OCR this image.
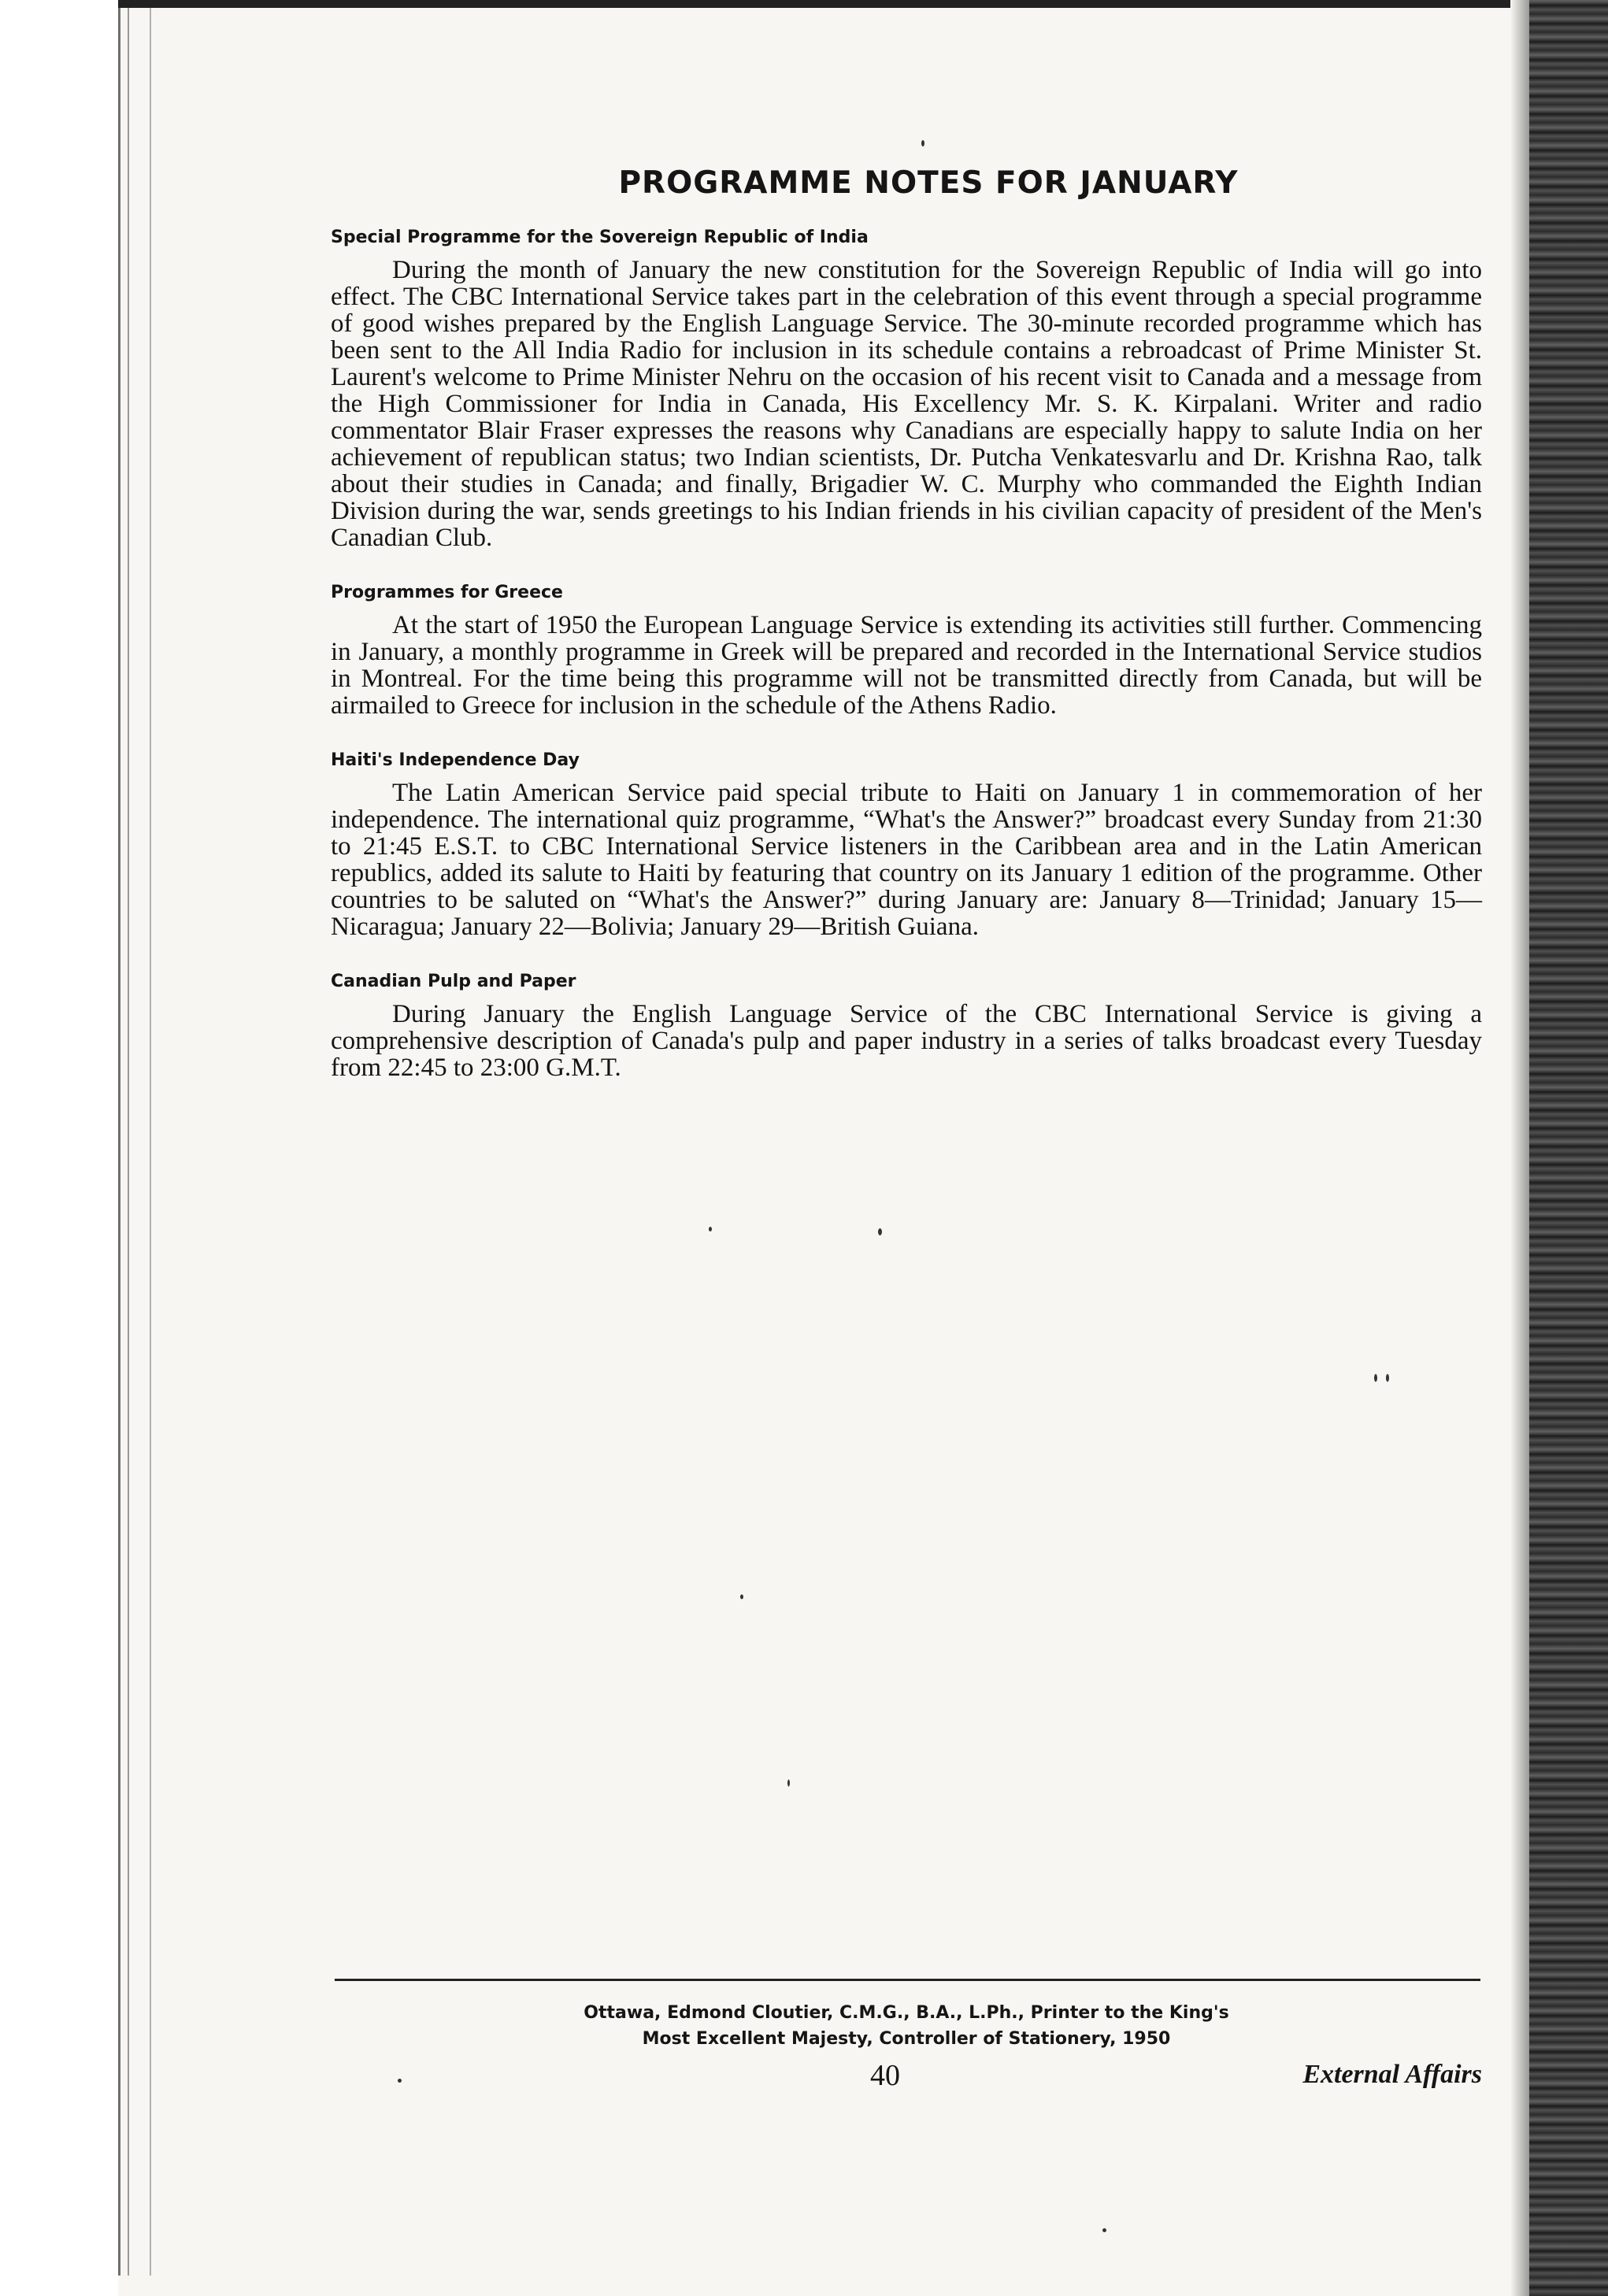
PROGRAMME NOTES FOR JANUARY
Special Programme for the Sovereign Republic of India

During the month of January the new constitution for the Sovereign Republic of India will go into effect. The CBC International Service takes part in the celebration of this event through a special programme of good wishes prepared by the English Language Service. The 30-minute recorded programme which has been sent to the All India Radio for inclusion in its schedule contains a rebroadcast of Prime Minister St. Laurent's welcome to Prime Minister Nehru on the occasion of his recent visit to Canada and a message from the High Commissioner for India in Canada, His Excellency Mr. S. K. Kirpalani. Writer and radio commentator Blair Fraser expresses the reasons why Canadians are especially happy to salute India on her achievement of republican status; two Indian scientists, Dr. Putcha Venkatesvarlu and Dr. Krishna Rao, talk about their studies in Canada; and finally, Brigadier W. C. Murphy who commanded the Eighth Indian Division during the war, sends greetings to his Indian friends in his civilian capacity of president of the Men's Canadian Club.

Programmes for Greece

At the start of 1950 the European Language Service is extending its activities still further. Commencing in January, a monthly programme in Greek will be prepared and recorded in the International Service studios in Montreal. For the time being this programme will not be transmitted directly from Canada, but will be airmailed to Greece for inclusion in the schedule of the Athens Radio.

Haiti's Independence Day

The Latin American Service paid special tribute to Haiti on January 1 in commemoration of her independence. The international quiz programme, “What's the Answer?” broadcast every Sunday from 21:30 to 21:45 E.S.T. to CBC International Service listeners in the Caribbean area and in the Latin American republics, added its salute to Haiti by featuring that country on its January 1 edition of the programme. Other countries to be saluted on “What's the Answer?” during January are: January 8—Trinidad; January 15—Nicaragua; January 22—Bolivia; January 29—British Guiana.

Canadian Pulp and Paper

During January the English Language Service of the CBC International Service is giving a comprehensive description of Canada's pulp and paper industry in a series of talks broadcast every Tuesday from 22:45 to 23:00 G.M.T.

Ottawa, Edmond Cloutier, C.M.G., B.A., L.Ph., Printer to the King's
Most Excellent Majesty, Controller of Stationery, 1950
40	External Affairs
